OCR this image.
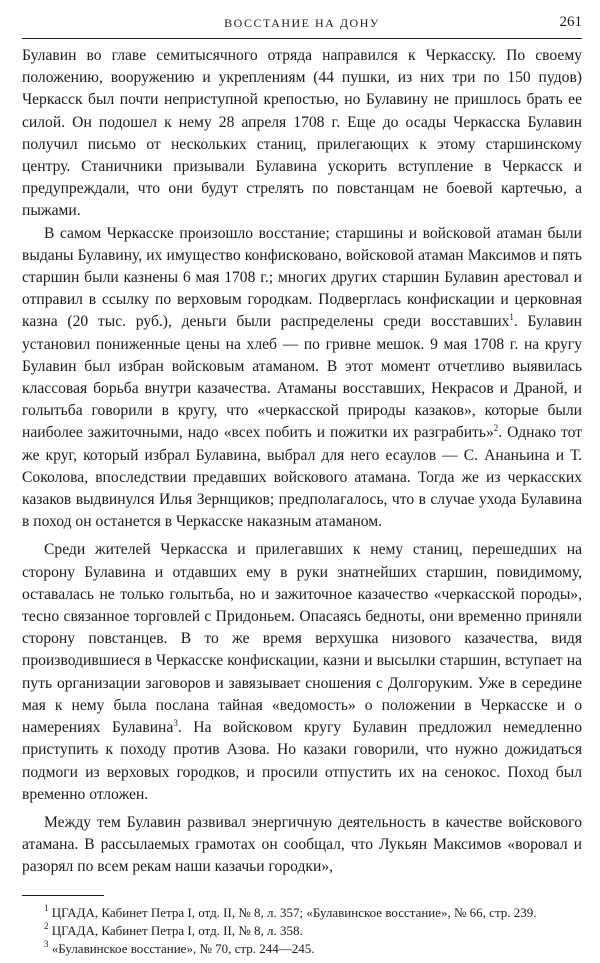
ВОССТАНИЕ НА ДОНУ	261

Булавин во главе семитысячного отряда направился к Черкасску. По своему положению, вооружению и укреплениям (44 пушки, из них три по 150 пудов) Черкасск был почти неприступной крепостью, но Булавину не пришлось брать ее силой. Он подошел к нему 28 апреля 1708 г. Еще до осады Черкасска Булавин получил письмо от нескольких станиц, прилегающих к этому старшинскому центру. Станичники призывали Булавина ускорить вступление в Черкасск и предупреждали, что они будут стрелять по повстанцам не боевой картечью, а пыжами.

В самом Черкасске произошло восстание; старшины и войсковой атаман были выданы Булавину, их имущество конфисковано, войсковой атаман Максимов и пять старшин были казнены 6 мая 1708 г.; многих других старшин Булавин арестовал и отправил в ссылку по верховым городкам. Подверглась конфискации и церковная казна (20 тыс. руб.), деньги были распределены среди восставших$^1$. Булавин установил пониженные цены на хлеб — по гривне мешок. 9 мая 1708 г. на кругу Булавин был избран войсковым атаманом. В этот момент отчетливо выявилась классовая борьба внутри казачества. Атаманы восставших, Некрасов и Драной, и голытьба говорили в кругу, что «черкасской природы казаков», которые были наиболее зажиточными, надо «всех побить и пожитки их разграбить»$^2$. Однако тот же круг, который избрал Булавина, выбрал для него есаулов — С. Ананьина и Т. Соколова, впоследствии предавших войскового атамана. Тогда же из черкасских казаков выдвинулся Илья Зернщиков; предполагалось, что в случае ухода Булавина в поход он останется в Черкасске наказным атаманом.

Среди жителей Черкасска и прилегавших к нему станиц, перешедших на сторону Булавина и отдавших ему в руки знатнейших старшин, повидимому, оставалась не только голытьба, но и зажиточное казачество «черкасской породы», тесно связанное торговлей с Придоньем. Опасаясь бедноты, они временно приняли сторону повстанцев. В то же время верхушка низового казачества, видя производившиеся в Черкасске конфискации, казни и высылки старшин, вступает на путь организации заговоров и завязывает сношения с Долгоруким. Уже в середине мая к нему была послана тайная «ведомость» о положении в Черкасске и о намерениях Булавина$^3$. На войсковом кругу Булавин предложил немедленно приступить к походу против Азова. Но казаки говорили, что нужно дожидаться подмоги из верховых городков, и просили отпустить их на сенокос. Поход был временно отложен.

Между тем Булавин развивал энергичную деятельность в качестве войскового атамана. В рассылаемых грамотах он сообщал, что Лукьян Максимов «воровал и разорял по всем рекам наши казачьи городки»,

$^1$ ЦГАДА, Кабинет Петра I, отд. II, № 8, л. 357; «Булавинское восстание», № 66, стр. 239.

$^2$ ЦГАДА, Кабинет Петра I, отд. II, № 8, л. 358.

$^3$ «Булавинское восстание», № 70, стр. 244—245.
